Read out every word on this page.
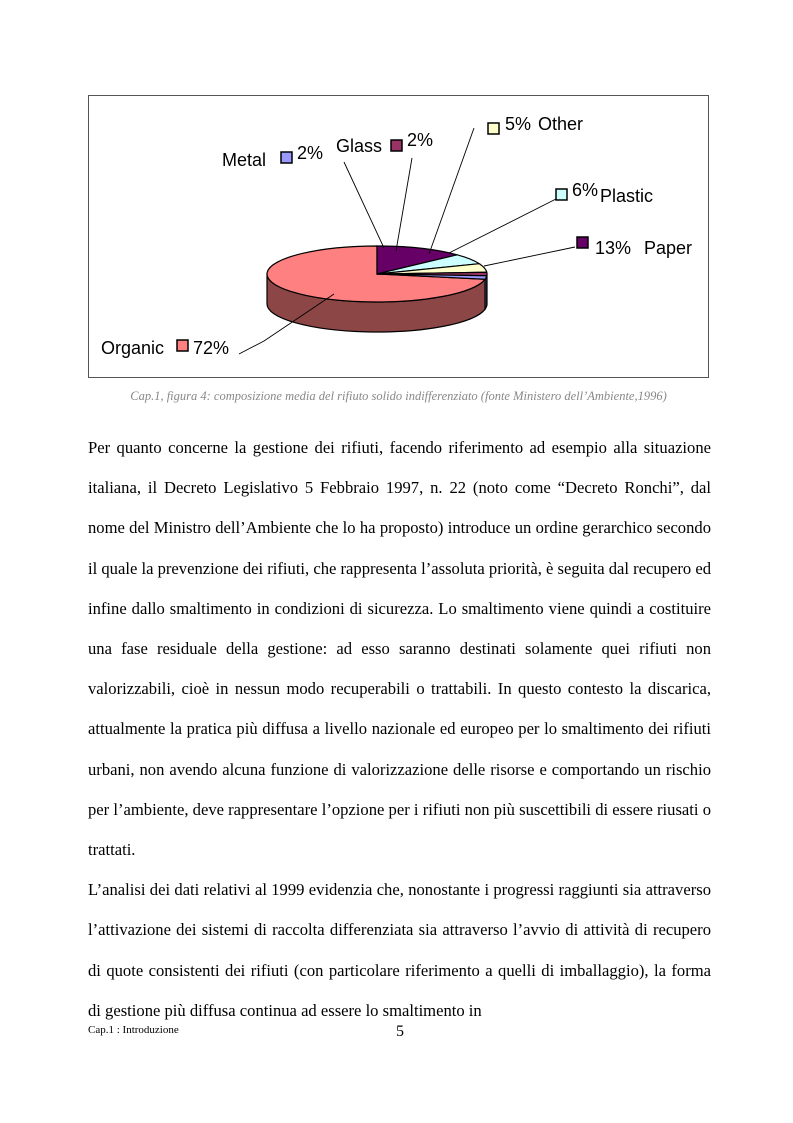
Organic 72%
Paper
13%
Plastic
6%
Other
5%
Glass 2%
Metal 2%
Cap.1, figura 4: composizione media del rifiuto solido indifferenziato (fonte Ministero dell’Ambiente,1996)

Per quanto concerne la gestione dei rifiuti, facendo riferimento ad esempio alla situazione italiana, il Decreto Legislativo 5 Febbraio 1997, n. 22 (noto come “Decreto Ronchi”, dal nome del Ministro dell’Ambiente che lo ha proposto) introduce un ordine gerarchico secondo il quale la prevenzione dei rifiuti, che rappresenta l’assoluta priorità, è seguita dal recupero ed infine dallo smaltimento in condizioni di sicurezza. Lo smaltimento viene quindi a costituire una fase residuale della gestione: ad esso saranno destinati solamente quei rifiuti non valorizzabili, cioè in nessun modo recuperabili o trattabili. In questo contesto la discarica, attualmente la pratica più diffusa a livello nazionale ed europeo per lo smaltimento dei rifiuti urbani, non avendo alcuna funzione di valorizzazione delle risorse e comportando un rischio per l’ambiente, deve rappresentare l’opzione per i rifiuti non più suscettibili di essere riusati o trattati.

L’analisi dei dati relativi al 1999 evidenzia che, nonostante i progressi raggiunti sia attraverso l’attivazione dei sistemi di raccolta differenziata sia attraverso l’avvio di attività di recupero di quote consistenti dei rifiuti (con particolare riferimento a quelli di imballaggio), la forma di gestione più diffusa continua ad essere lo smaltimento in

Cap.1 : Introduzione	5
